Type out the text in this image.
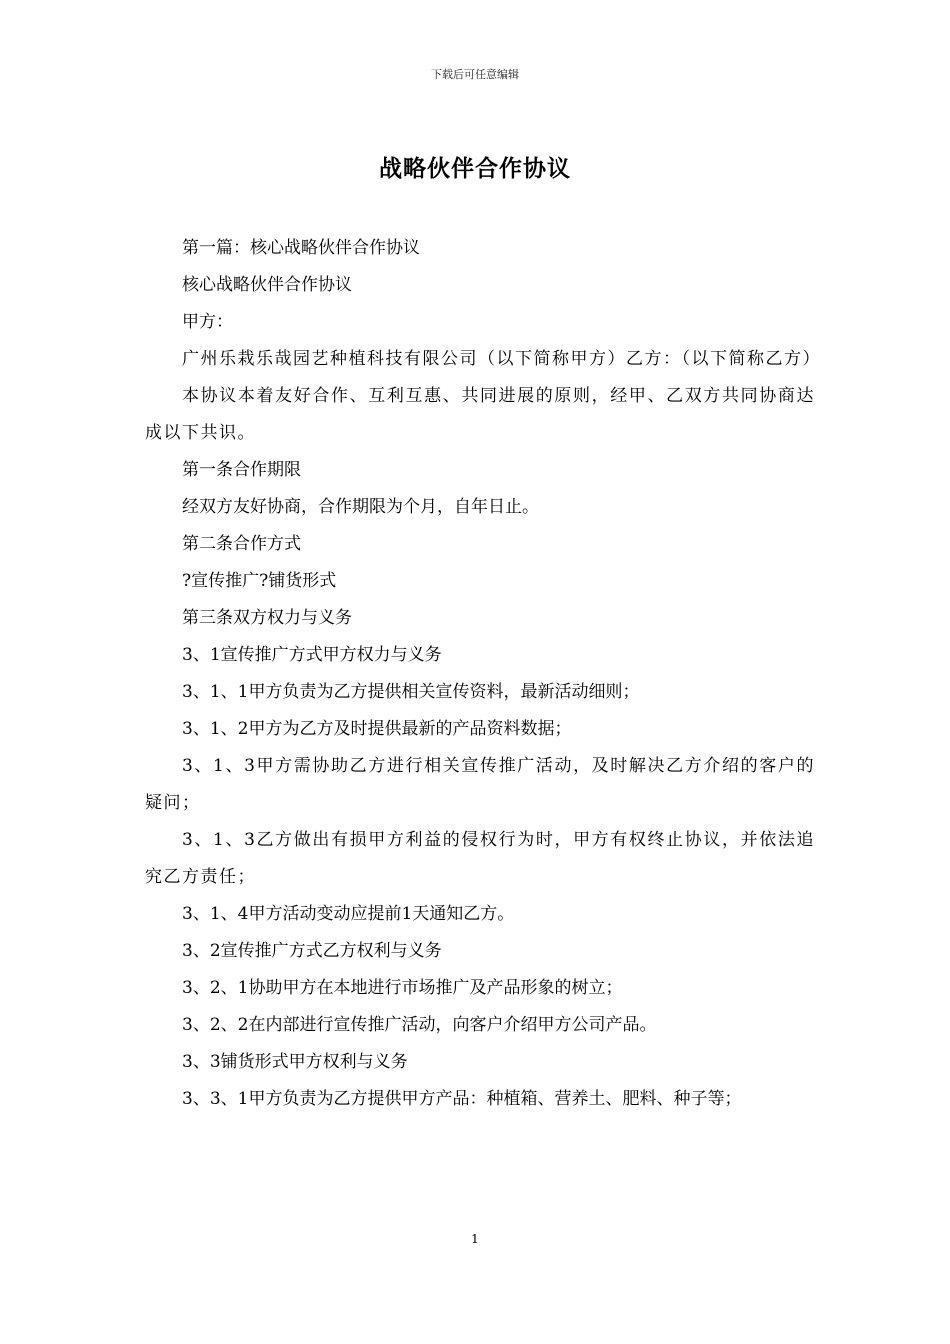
下载后可任意编辑
战略伙伴合作协议

第一篇：核心战略伙伴合作协议

核心战略伙伴合作协议

甲方：

广州乐栽乐哉园艺种植科技有限公司（以下简称甲方）乙方：（以下简称乙方）

本协议本着友好合作、互利互惠、共同进展的原则，经甲、乙双方共同协商达成以下共识。

第一条合作期限

经双方友好协商，合作期限为个月，自年日止。

第二条合作方式

?宣传推广?铺货形式

第三条双方权力与义务

3、1宣传推广方式甲方权力与义务

3、1、1甲方负责为乙方提供相关宣传资料，最新活动细则；

3、1、2甲方为乙方及时提供最新的产品资料数据；

3、1、3甲方需协助乙方进行相关宣传推广活动，及时解决乙方介绍的客户的疑问；

3、1、3乙方做出有损甲方利益的侵权行为时，甲方有权终止协议，并依法追究乙方责任；

3、1、4甲方活动变动应提前1天通知乙方。

3、2宣传推广方式乙方权利与义务

3、2、1协助甲方在本地进行市场推广及产品形象的树立；

3、2、2在内部进行宣传推广活动，向客户介绍甲方公司产品。

3、3铺货形式甲方权利与义务

3、3、1甲方负责为乙方提供甲方产品：种植箱、营养土、肥料、种子等；

1
